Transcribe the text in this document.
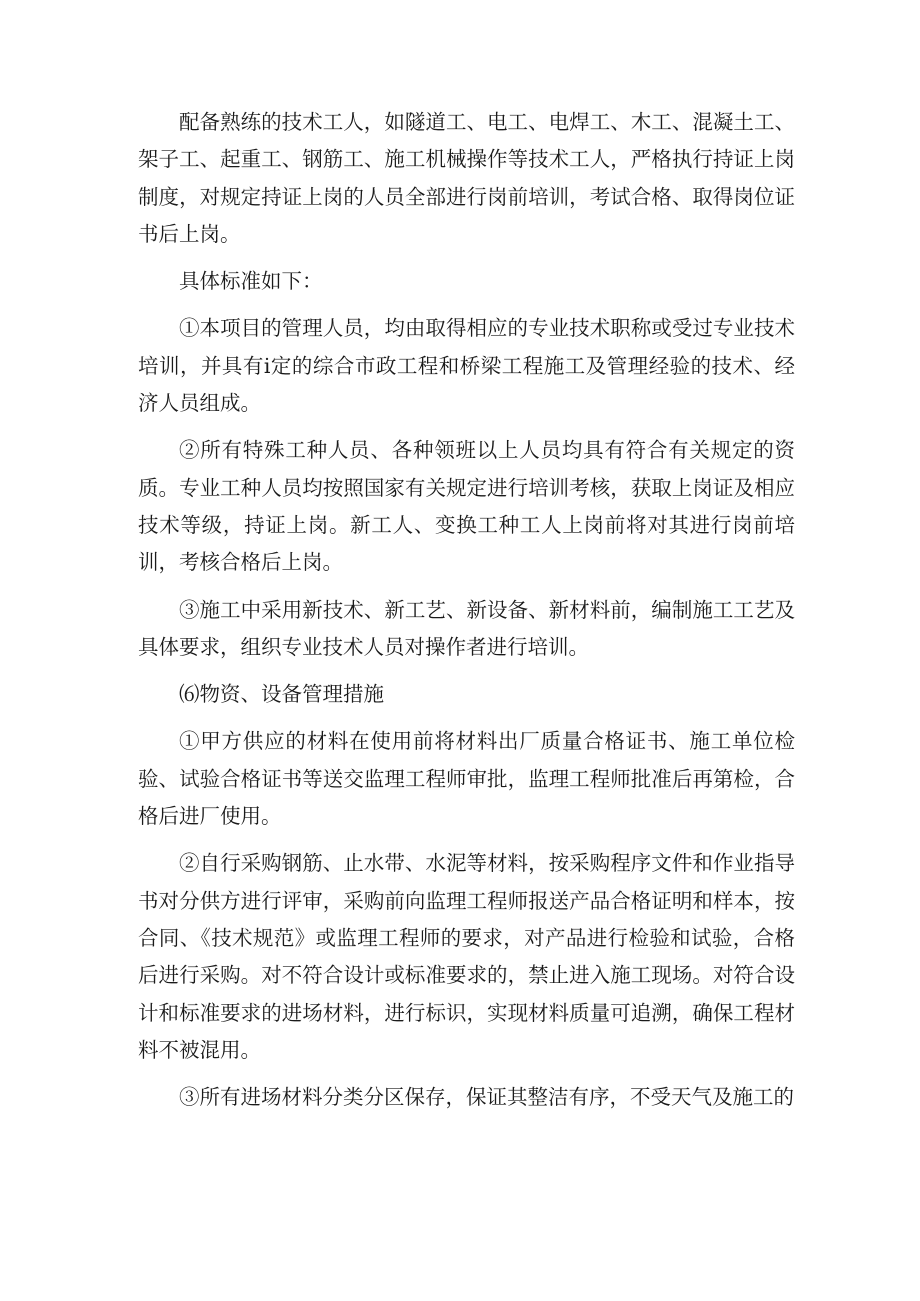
配备熟练的技术工人，如隧道工、电工、电焊工、木工、混凝土工、架子工、起重工、钢筋工、施工机械操作等技术工人，严格执行持证上岗制度，对规定持证上岗的人员全部进行岗前培训，考试合格、取得岗位证书后上岗。

具体标准如下：

①本项目的管理人员，均由取得相应的专业技术职称或受过专业技术培训，并具有i定的综合市政工程和桥梁工程施工及管理经验的技术、经济人员组成。

②所有特殊工种人员、各种领班以上人员均具有符合有关规定的资质。专业工种人员均按照国家有关规定进行培训考核，获取上岗证及相应技术等级，持证上岗。新工人、变换工种工人上岗前将对其进行岗前培训，考核合格后上岗。

③施工中采用新技术、新工艺、新设备、新材料前，编制施工工艺及具体要求，组织专业技术人员对操作者进行培训。

⑹物资、设备管理措施

①甲方供应的材料在使用前将材料出厂质量合格证书、施工单位检验、试验合格证书等送交监理工程师审批，监理工程师批准后再第检，合格后进厂使用。

②自行采购钢筋、止水带、水泥等材料，按采购程序文件和作业指导书对分供方进行评审，采购前向监理工程师报送产品合格证明和样本，按合同、《技术规范》或监理工程师的要求，对产品进行检验和试验，合格后进行采购。对不符合设计或标准要求的，禁止进入施工现场。对符合设计和标准要求的进场材料，进行标识，实现材料质量可追溯，确保工程材料不被混用。

③所有进场材料分类分区保存，保证其整洁有序，不受天气及施工的
